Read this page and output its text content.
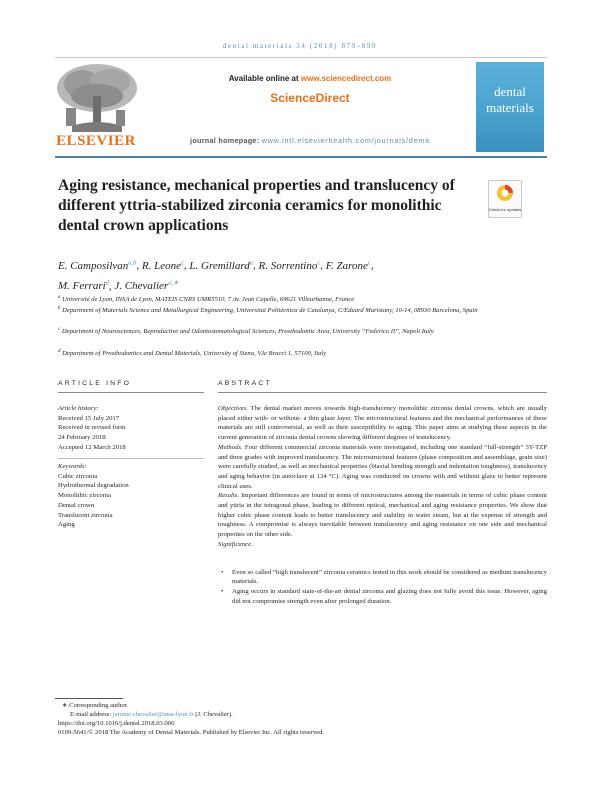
dental materials 34 (2018) 879–890
ELSEVIER
Available online at www.sciencedirect.com
ScienceDirect
journal homepage: www.intl.elsevierhealth.com/journals/dema
dental materials
Aging resistance, mechanical properties and translucency of different yttria-stabilized zirconia ceramics for monolithic dental crown applications
Check for updates
E. Camposilvan$^{a,b}$, R. Leone$^c$, L. Gremillard$^a$, R. Sorrentino$^c$, F. Zarone$^c$,
M. Ferrari$^d$, J. Chevalier$^{a,∗}$
$^a$ Université de Lyon, INSA de Lyon, MATEIS CNRS UMR5510, 7 Av. Jean Capelle, 69621 Villeurbanne, France
$^b$ Department of Materials Science and Metallurgical Engineering, Universitat Politècnica de Catalunya, C/Eduard Maristany, 10-14, 08930 Barcelona, Spain
$^c$ Department of Neurosciences, Reproductive and Odontostomatological Sciences, Prosthodontic Area, University “Federico II”, Napoli Italy
$^d$ Department of Prosthodontics and Dental Materials, University of Siena, V.le Bracci 1, 57100, Italy
ARTICLE INFO
Article history:
Received 15 July 2017
Received in revised form
24 February 2018
Accepted 12 March 2018
Keywords:
Cubic zirconia
Hydrothermal degradation
Monolithic zirconia
Dental crown
Translucent zirconia
Aging
ABSTRACT

Objectives. The dental market moves towards high-translucency monolithic zirconia dental crowns, which are usually placed either with- or without- a thin glaze layer. The microstructural features and the mechanical performances of these materials are still controversial, as well as their susceptibility to aging. This paper aims at studying these aspects in the current generation of zirconia dental crowns showing different degrees of translucency.

Methods. Four different commercial zirconia materials were investigated, including one standard “full-strength” 3Y-TZP and three grades with improved translucency. The microstructural features (phase composition and assemblage, grain size) were carefully studied, as well as mechanical properties (biaxial bending strength and indentation toughness), translucency and aging behavior (in autoclave at 134 °C). Aging was conducted on crowns with and without glaze to better represent clinical uses.

Results. Important differences are found in terms of microstructures among the materials in terms of cubic phase content and yttria in the tetragonal phase, leading to different optical, mechanical and aging resistance properties. We show that higher cubic phase content leads to better translucency and stability in water steam, but at the expense of strength and toughness. A compromise is always inevitable between translucency and aging resistance on one side and mechanical properties on the other side.

Significance.

• Even so called “high translucent” zirconia ceramics tested in this work should be considered as medium translucency materials.
• Aging occurs in standard state-of-the-art dental zirconia and glazing does not fully avoid this issue. However, aging did not compromise strength even after prolonged duration.
∗ Corresponding author.
E-mail address: jerome.chevalier@insa-lyon.fr (J. Chevalier).
https://doi.org/10.1016/j.dental.2018.03.006
0109-5641/© 2018 The Academy of Dental Materials. Published by Elsevier Inc. All rights reserved.
